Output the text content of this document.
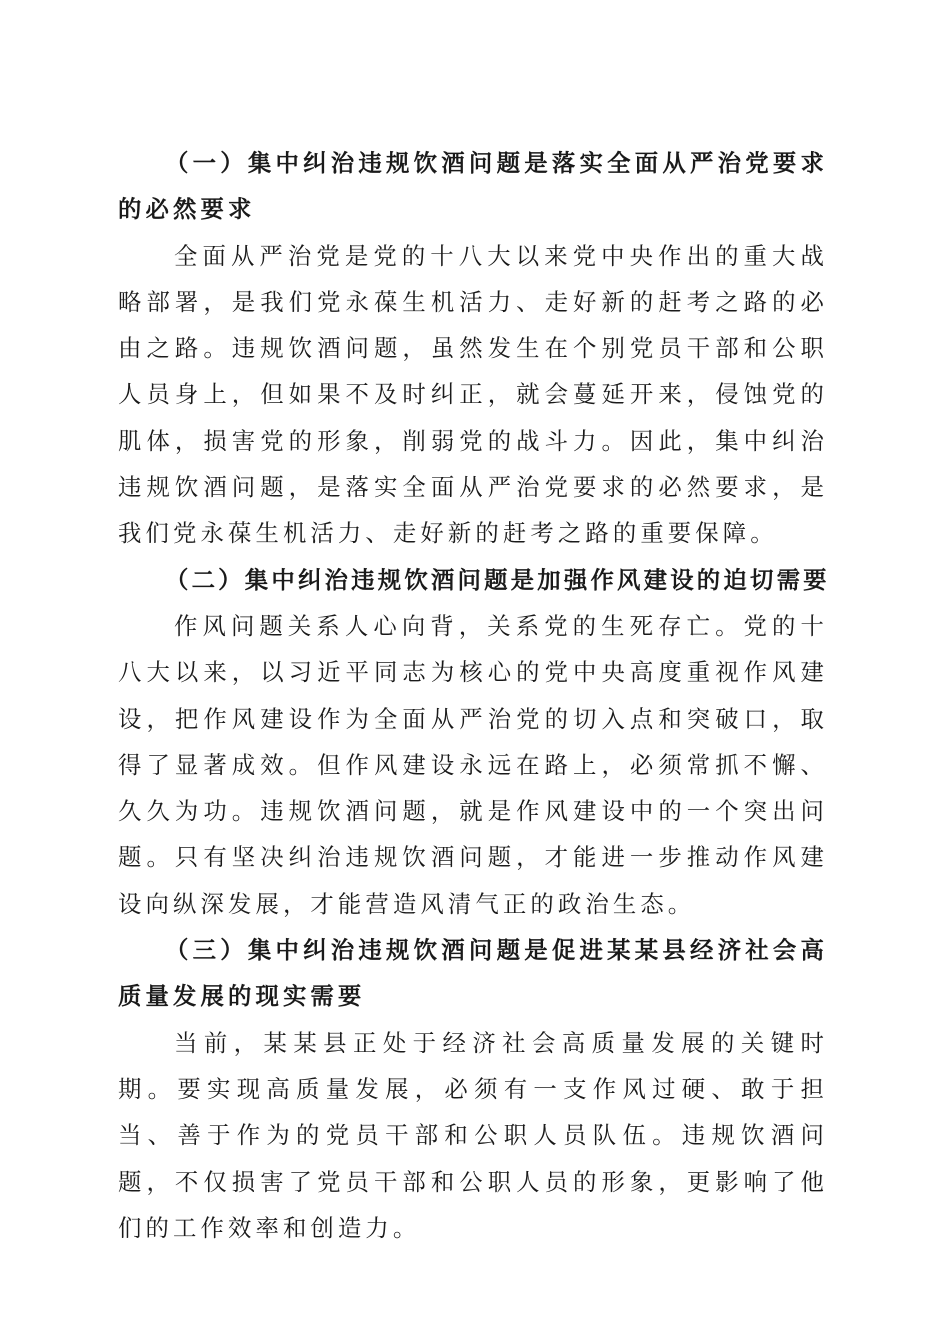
（一）集中纠治违规饮酒问题是落实全面从严治党要求的必然要求

全面从严治党是党的十八大以来党中央作出的重大战略部署，是我们党永葆生机活力、走好新的赶考之路的必由之路。违规饮酒问题，虽然发生在个别党员干部和公职人员身上，但如果不及时纠正，就会蔓延开来，侵蚀党的肌体，损害党的形象，削弱党的战斗力。因此，集中纠治违规饮酒问题，是落实全面从严治党要求的必然要求，是我们党永葆生机活力、走好新的赶考之路的重要保障。

（二）集中纠治违规饮酒问题是加强作风建设的迫切需要

作风问题关系人心向背，关系党的生死存亡。党的十八大以来，以习近平同志为核心的党中央高度重视作风建设，把作风建设作为全面从严治党的切入点和突破口，取得了显著成效。但作风建设永远在路上，必须常抓不懈、久久为功。违规饮酒问题，就是作风建设中的一个突出问题。只有坚决纠治违规饮酒问题，才能进一步推动作风建设向纵深发展，才能营造风清气正的政治生态。

（三）集中纠治违规饮酒问题是促进某某县经济社会高质量发展的现实需要

当前，某某县正处于经济社会高质量发展的关键时期。要实现高质量发展，必须有一支作风过硬、敢于担当、善于作为的党员干部和公职人员队伍。违规饮酒问题，不仅损害了党员干部和公职人员的形象，更影响了他们的工作效率和创造力。
